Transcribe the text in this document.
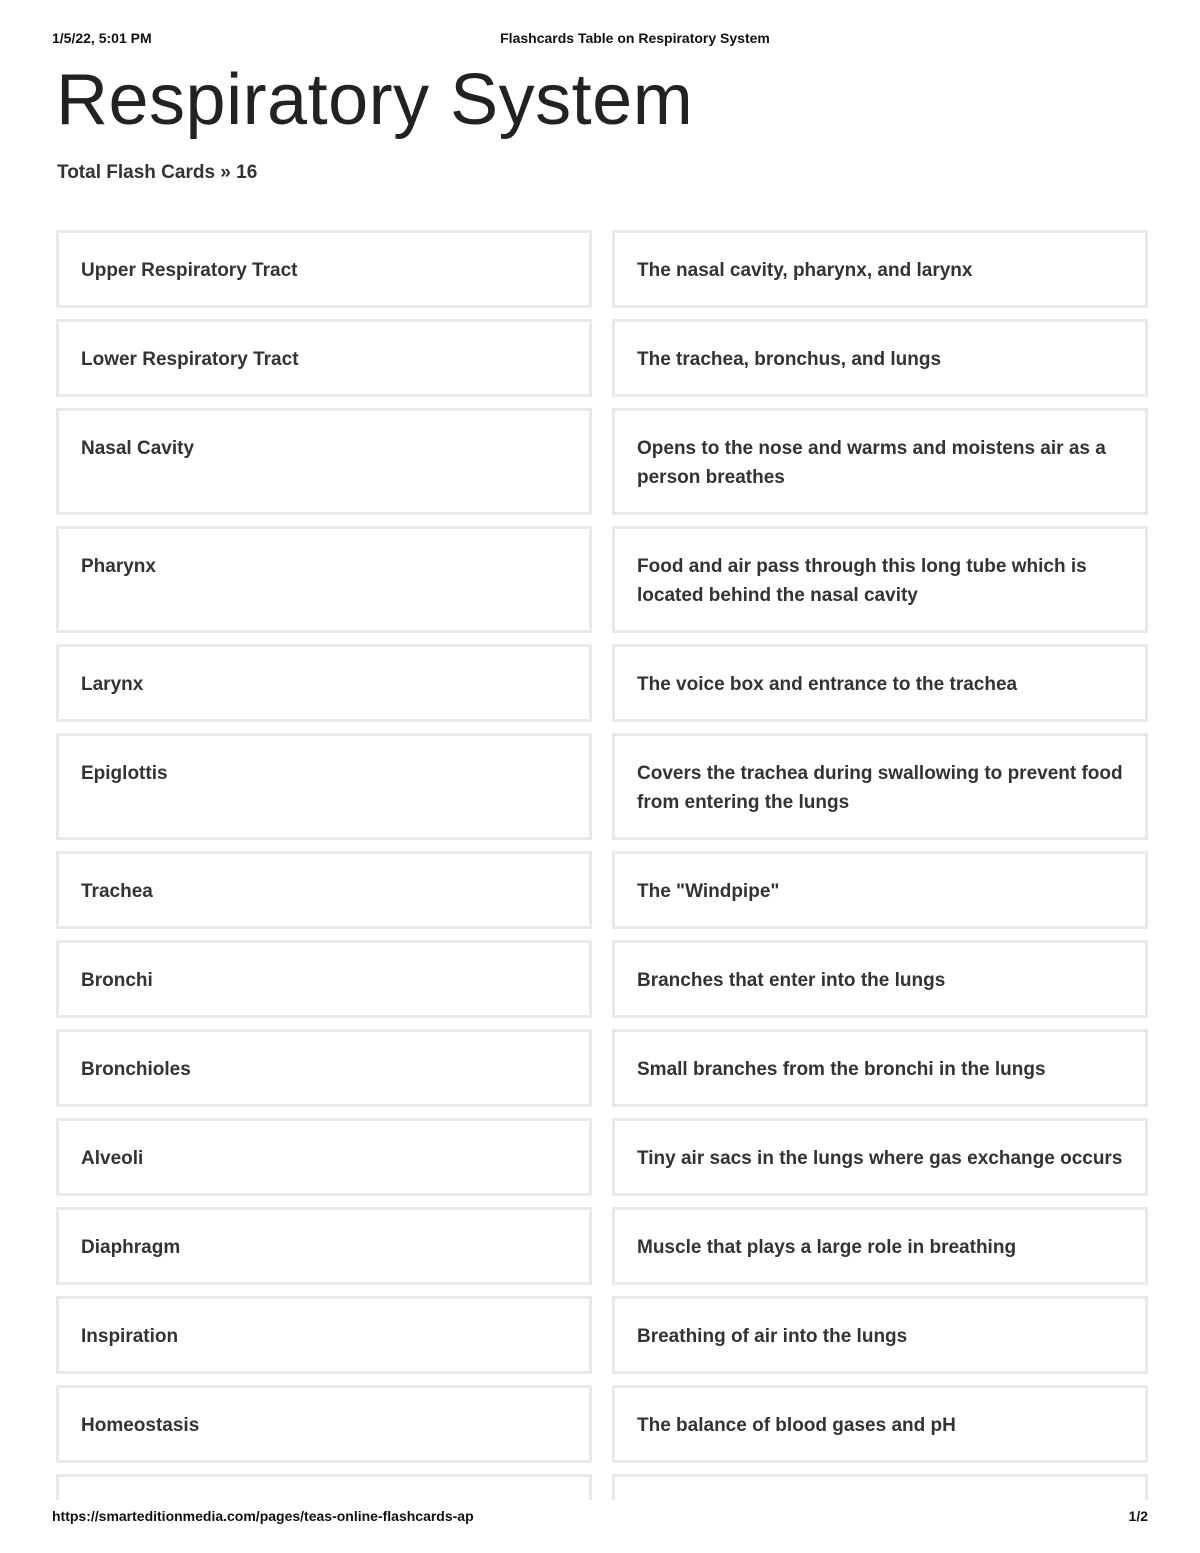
1/5/22, 5:01 PM	Flashcards Table on Respiratory System
Respiratory System
Total Flash Cards » 16
Upper Respiratory Tract	The nasal cavity, pharynx, and larynx
Lower Respiratory Tract	The trachea, bronchus, and lungs
Nasal Cavity	Opens to the nose and warms and moistens air as a person breathes
Pharynx	Food and air pass through this long tube which is located behind the nasal cavity
Larynx	The voice box and entrance to the trachea
Epiglottis	Covers the trachea during swallowing to prevent food from entering the lungs
Trachea	The "Windpipe"
Bronchi	Branches that enter into the lungs
Bronchioles	Small branches from the bronchi in the lungs
Alveoli	Tiny air sacs in the lungs where gas exchange occurs
Diaphragm	Muscle that plays a large role in breathing
Inspiration	Breathing of air into the lungs
Homeostasis	The balance of blood gases and pH
https://smarteditionmedia.com/pages/teas-online-flashcards-ap	1/2
